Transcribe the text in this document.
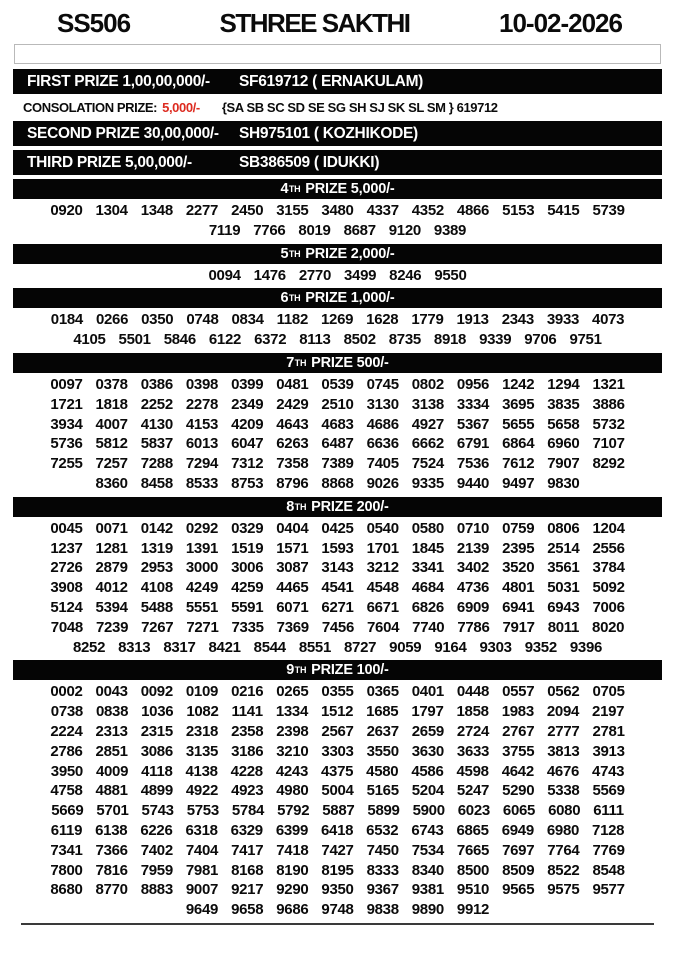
SS506	STHREE SAKTHI	10-02-2026
FIRST PRIZE 1,00,00,000/-	SF619712 ( ERNAKULAM)
CONSOLATION PRIZE: 5,000/- {SA SB SC SD SE SG SH SJ SK SL SM } 619712
SECOND PRIZE 30,00,000/-	SH975101 ( KOZHIKODE)
THIRD PRIZE 5,00,000/-	SB386509 ( IDUKKI)
4 TH PRIZE 5,000/-
0920 1304 1348 2277 2450 3155 3480 4337 4352 4866 5153 5415 5739
7119 7766 8019 8687 9120 9389
5 TH PRIZE 2,000/-
0094 1476 2770 3499 8246 9550
6 TH PRIZE 1,000/-
0184 0266 0350 0748 0834 1182 1269 1628 1779 1913 2343 3933 4073
4105 5501 5846 6122 6372 8113 8502 8735 8918 9339 9706 9751
7 TH PRIZE 500/-
0097 0378 0386 0398 0399 0481 0539 0745 0802 0956 1242 1294 1321
1721 1818 2252 2278 2349 2429 2510 3130 3138 3334 3695 3835 3886
3934 4007 4130 4153 4209 4643 4683 4686 4927 5367 5655 5658 5732
5736 5812 5837 6013 6047 6263 6487 6636 6662 6791 6864 6960 7107
7255 7257 7288 7294 7312 7358 7389 7405 7524 7536 7612 7907 8292
8360 8458 8533 8753 8796 8868 9026 9335 9440 9497 9830
8 TH PRIZE 200/-
0045 0071 0142 0292 0329 0404 0425 0540 0580 0710 0759 0806 1204
1237 1281 1319 1391 1519 1571 1593 1701 1845 2139 2395 2514 2556
2726 2879 2953 3000 3006 3087 3143 3212 3341 3402 3520 3561 3784
3908 4012 4108 4249 4259 4465 4541 4548 4684 4736 4801 5031 5092
5124 5394 5488 5551 5591 6071 6271 6671 6826 6909 6941 6943 7006
7048 7239 7267 7271 7335 7369 7456 7604 7740 7786 7917 8011 8020
8252 8313 8317 8421 8544 8551 8727 9059 9164 9303 9352 9396
9 TH PRIZE 100/-
0002 0043 0092 0109 0216 0265 0355 0365 0401 0448 0557 0562 0705
0738 0838 1036 1082 1141 1334 1512 1685 1797 1858 1983 2094 2197
2224 2313 2315 2318 2358 2398 2567 2637 2659 2724 2767 2777 2781
2786 2851 3086 3135 3186 3210 3303 3550 3630 3633 3755 3813 3913
3950 4009 4118 4138 4228 4243 4375 4580 4586 4598 4642 4676 4743
4758 4881 4899 4922 4923 4980 5004 5165 5204 5247 5290 5338 5569
5669 5701 5743 5753 5784 5792 5887 5899 5900 6023 6065 6080 6111
6119 6138 6226 6318 6329 6399 6418 6532 6743 6865 6949 6980 7128
7341 7366 7402 7404 7417 7418 7427 7450 7534 7665 7697 7764 7769
7800 7816 7959 7981 8168 8190 8195 8333 8340 8500 8509 8522 8548
8680 8770 8883 9007 9217 9290 9350 9367 9381 9510 9565 9575 9577
9649 9658 9686 9748 9838 9890 9912
